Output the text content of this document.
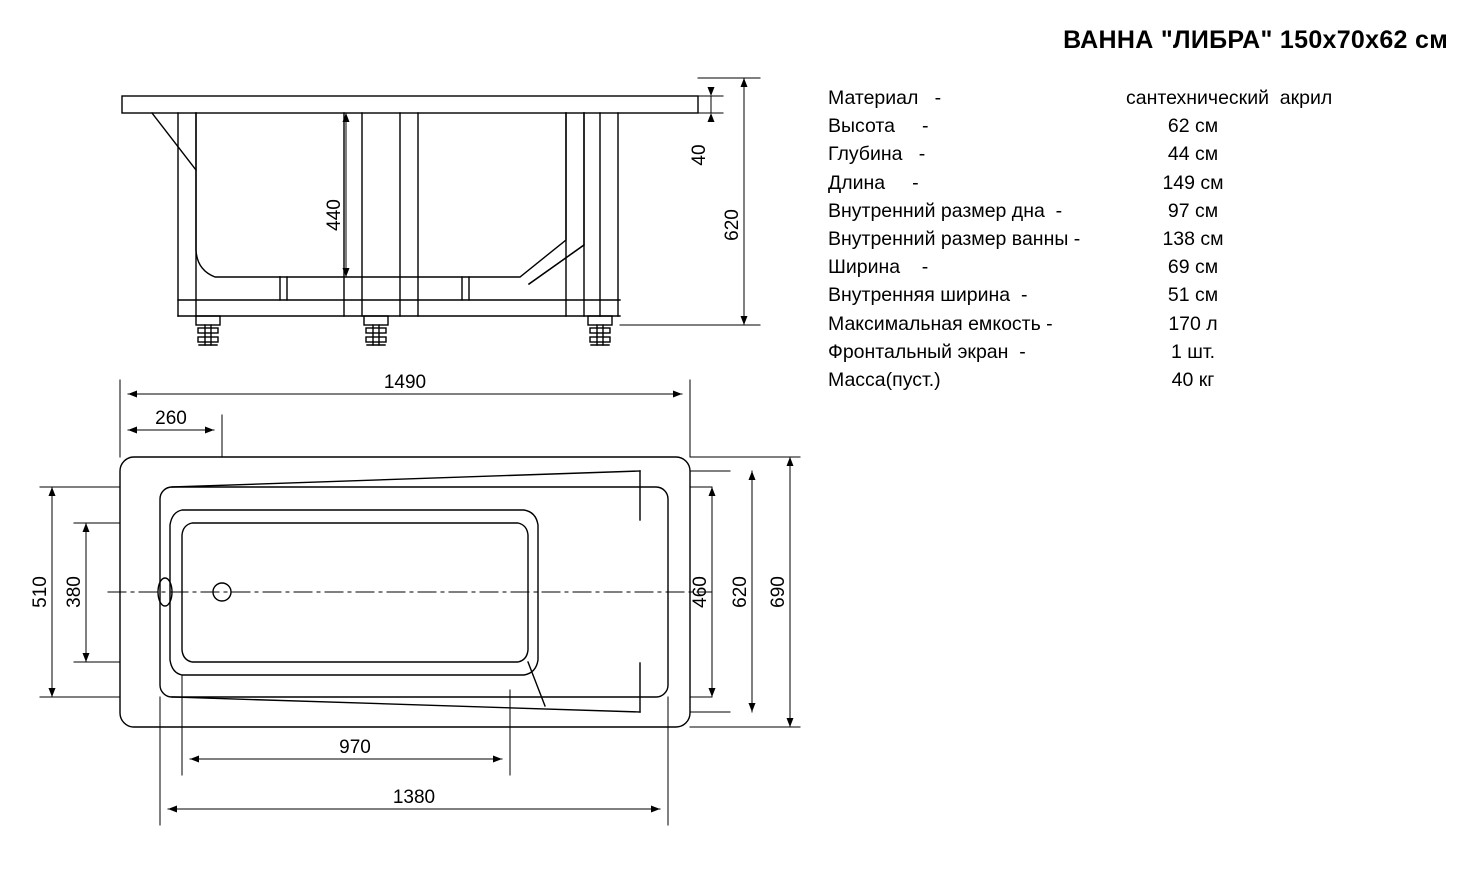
440
40
620
1490
260
510 380	460 620 690
970
1380
ВАННА "ЛИБРА" 150х70х62 см
Материал   -	сантехнический  акрил
Высота     -	62 см
Глубина   -	44 см
Длина     -	149 см
Внутренний размер дна  -	97 см
Внутренний размер ванны -	138 см
Ширина    -	69 см
Внутренняя ширина  -	51 см
Максимальная емкость -	170 л
Фронтальный экран  -	1 шт.
Масса(пуст.)	40 кг
